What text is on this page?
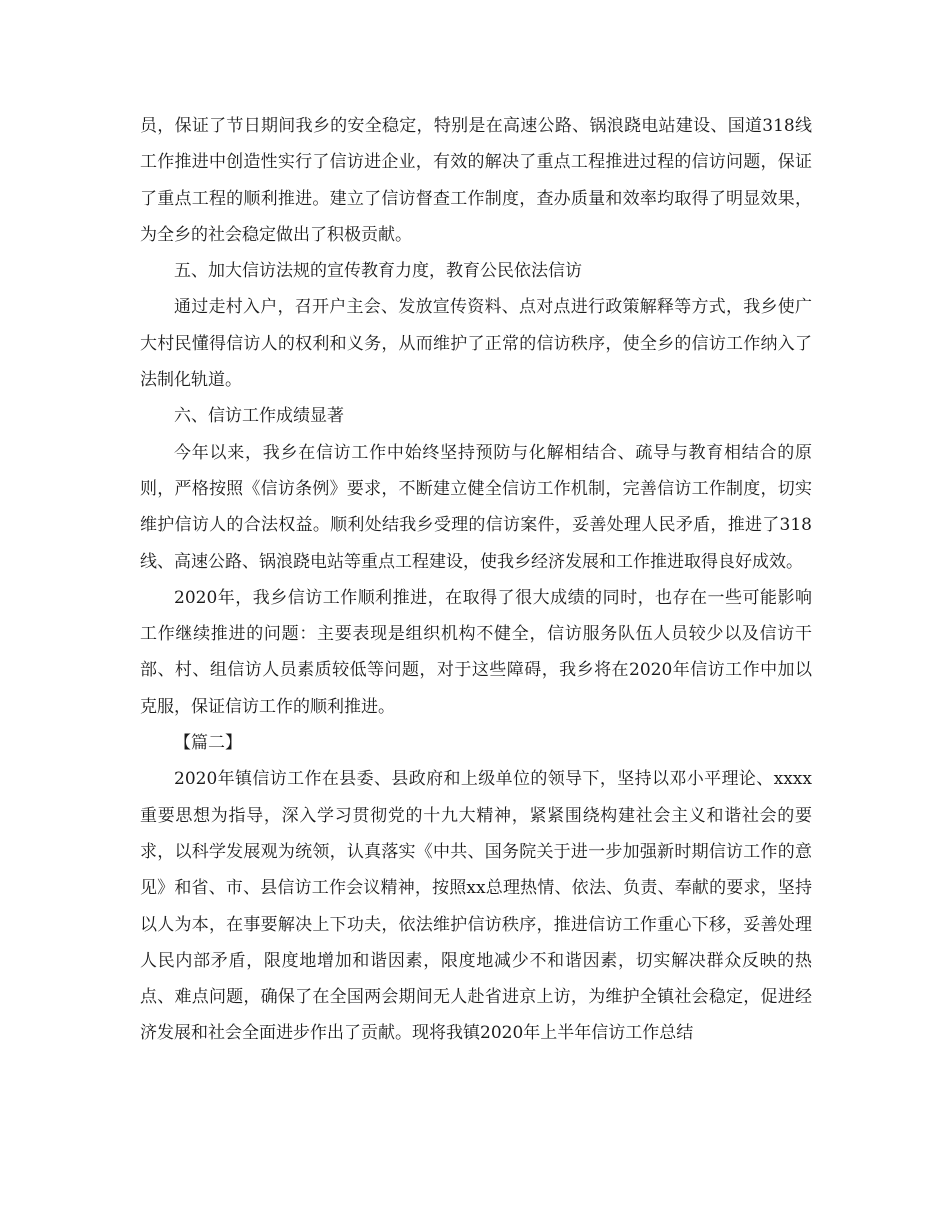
员，保证了节日期间我乡的安全稳定，特别是在高速公路、锅浪跷电站建设、国道318线工作推进中创造性实行了信访进企业，有效的解决了重点工程推进过程的信访问题，保证了重点工程的顺利推进。建立了信访督查工作制度，查办质量和效率均取得了明显效果，为全乡的社会稳定做出了积极贡献。

五、加大信访法规的宣传教育力度，教育公民依法信访

通过走村入户，召开户主会、发放宣传资料、点对点进行政策解释等方式，我乡使广大村民懂得信访人的权利和义务，从而维护了正常的信访秩序，使全乡的信访工作纳入了法制化轨道。

六、信访工作成绩显著

今年以来，我乡在信访工作中始终坚持预防与化解相结合、疏导与教育相结合的原则，严格按照《信访条例》要求，不断建立健全信访工作机制，完善信访工作制度，切实维护信访人的合法权益。顺利处结我乡受理的信访案件，妥善处理人民矛盾，推进了318线、高速公路、锅浪跷电站等重点工程建设，使我乡经济发展和工作推进取得良好成效。

2020年，我乡信访工作顺利推进，在取得了很大成绩的同时，也存在一些可能影响工作继续推进的问题：主要表现是组织机构不健全，信访服务队伍人员较少以及信访干部、村、组信访人员素质较低等问题，对于这些障碍，我乡将在2020年信访工作中加以克服，保证信访工作的顺利推进。

【篇二】

2020年镇信访工作在县委、县政府和上级单位的领导下，坚持以邓小平理论、xxxx重要思想为指导，深入学习贯彻党的十九大精神，紧紧围绕构建社会主义和谐社会的要求，以科学发展观为统领，认真落实《中共、国务院关于进一步加强新时期信访工作的意见》和省、市、县信访工作会议精神，按照xx总理热情、依法、负责、奉献的要求，坚持以人为本，在事要解决上下功夫，依法维护信访秩序，推进信访工作重心下移，妥善处理人民内部矛盾，限度地增加和谐因素，限度地减少不和谐因素，切实解决群众反映的热点、难点问题，确保了在全国两会期间无人赴省进京上访，为维护全镇社会稳定，促进经济发展和社会全面进步作出了贡献。现将我镇2020年上半年信访工作总结
